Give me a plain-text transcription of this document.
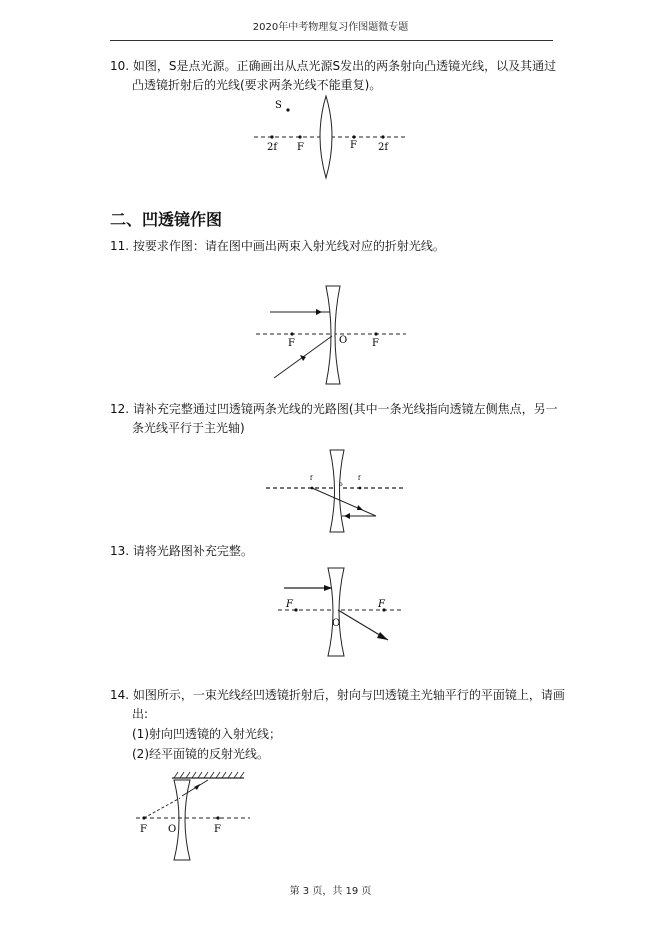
2020年中考物理复习作图题微专题
10. 如图，S是点光源。正确画出从点光源S发出的两条射向凸透镜光线，以及其通过
凸透镜折射后的光线(要求两条光线不能重复)。
S
2f F	F 2f
二、凹透镜作图
11. 按要求作图：请在图中画出两束入射光线对应的折射光线。
F	O F
12. 请补充完整通过凹透镜两条光线的光路图(其中一条光线指向透镜左侧焦点，另一
条光线平行于主光轴)
f
o
f
13. 请将光路图补充完整。
F
O
F
14. 如图所示，一束光线经凹透镜折射后，射向与凹透镜主光轴平行的平面镜上，请画
出:
(1)射向凹透镜的入射光线；
(2)经平面镜的反射光线。
F O	F
第 3 页，共 19 页
